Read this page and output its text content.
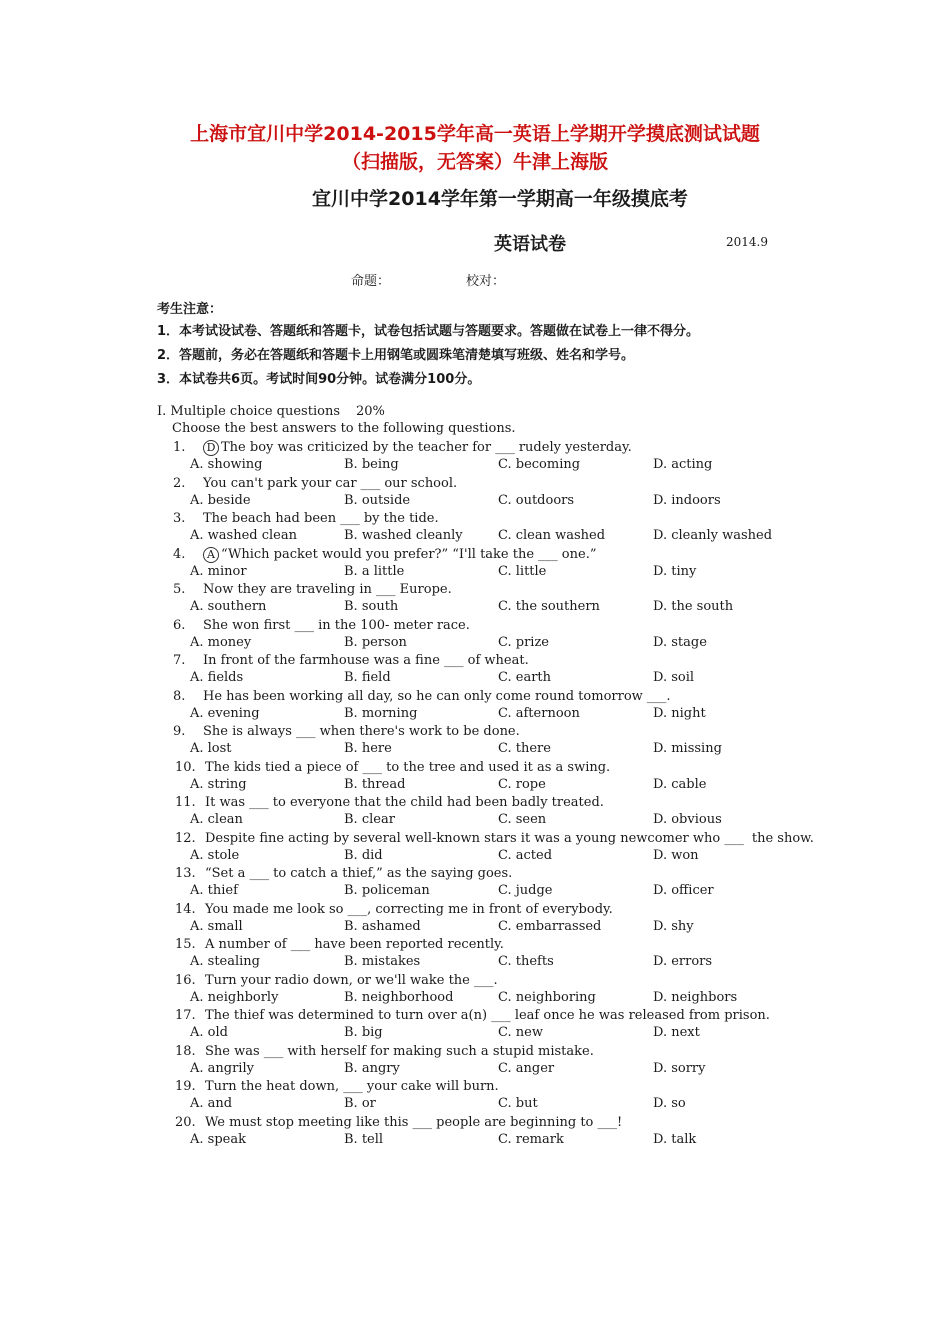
上海市宜川中学2014-2015学年高一英语上学期开学摸底测试试题
（扫描版，无答案）牛津上海版
宜川中学2014学年第一学期高一年级摸底考
英语试卷	2014.9
命题：	校对：
考生注意：
1．本考试设试卷、答题纸和答题卡，试卷包括试题与答题要求。答题做在试卷上一律不得分。
2．答题前，务必在答题纸和答题卡上用钢笔或圆珠笔清楚填写班级、姓名和学号。
3．本试卷共6页。考试时间90分钟。试卷满分100分。
I. Multiple choice questions 20%
Choose the best answers to the following questions.
1. D The boy was criticized by the teacher for ___ rudely yesterday.
A. showing	B. being	C. becoming	D. acting
2. You can't park your car ___ our school.
A. beside	B. outside	C. outdoors	D. indoors
3. The beach had been ___ by the tide.
A. washed clean	B. washed cleanly	C. clean washed	D. cleanly washed
4. A “Which packet would you prefer?” “I'll take the ___ one.”
A. minor	B. a little	C. little	D. tiny
5. Now they are traveling in ___ Europe.
A. southern	B. south	C. the southern	D. the south
6. She won first ___ in the 100- meter race.
A. money	B. person	C. prize	D. stage
7. In front of the farmhouse was a fine ___ of wheat.
A. fields	B. field	C. earth	D. soil
8. He has been working all day, so he can only come round tomorrow ___.
A. evening	B. morning	C. afternoon	D. night
9. She is always ___ when there's work to be done.
A. lost	B. here	C. there	D. missing
10. The kids tied a piece of ___ to the tree and used it as a swing.
A. string	B. thread	C. rope	D. cable
11. It was ___ to everyone that the child had been badly treated.
A. clean	B. clear	C. seen	D. obvious
12. Despite fine acting by several well-known stars it was a young newcomer who ___ the show.
A. stole	B. did	C. acted	D. won
13. “Set a ___ to catch a thief,” as the saying goes.
A. thief	B. policeman	C. judge	D. officer
14. You made me look so ___, correcting me in front of everybody.
A. small	B. ashamed	C. embarrassed	D. shy
15. A number of ___ have been reported recently.
A. stealing	B. mistakes	C. thefts	D. errors
16. Turn your radio down, or we'll wake the ___.
A. neighborly	B. neighborhood	C. neighboring	D. neighbors
17. The thief was determined to turn over a(n) ___ leaf once he was released from prison.
A. old	B. big	C. new	D. next
18. She was ___ with herself for making such a stupid mistake.
A. angrily	B. angry	C. anger	D. sorry
19. Turn the heat down, ___ your cake will burn.
A. and	B. or	C. but	D. so
20. We must stop meeting like this ___ people are beginning to ___!
A. speak	B. tell	C. remark	D. talk
